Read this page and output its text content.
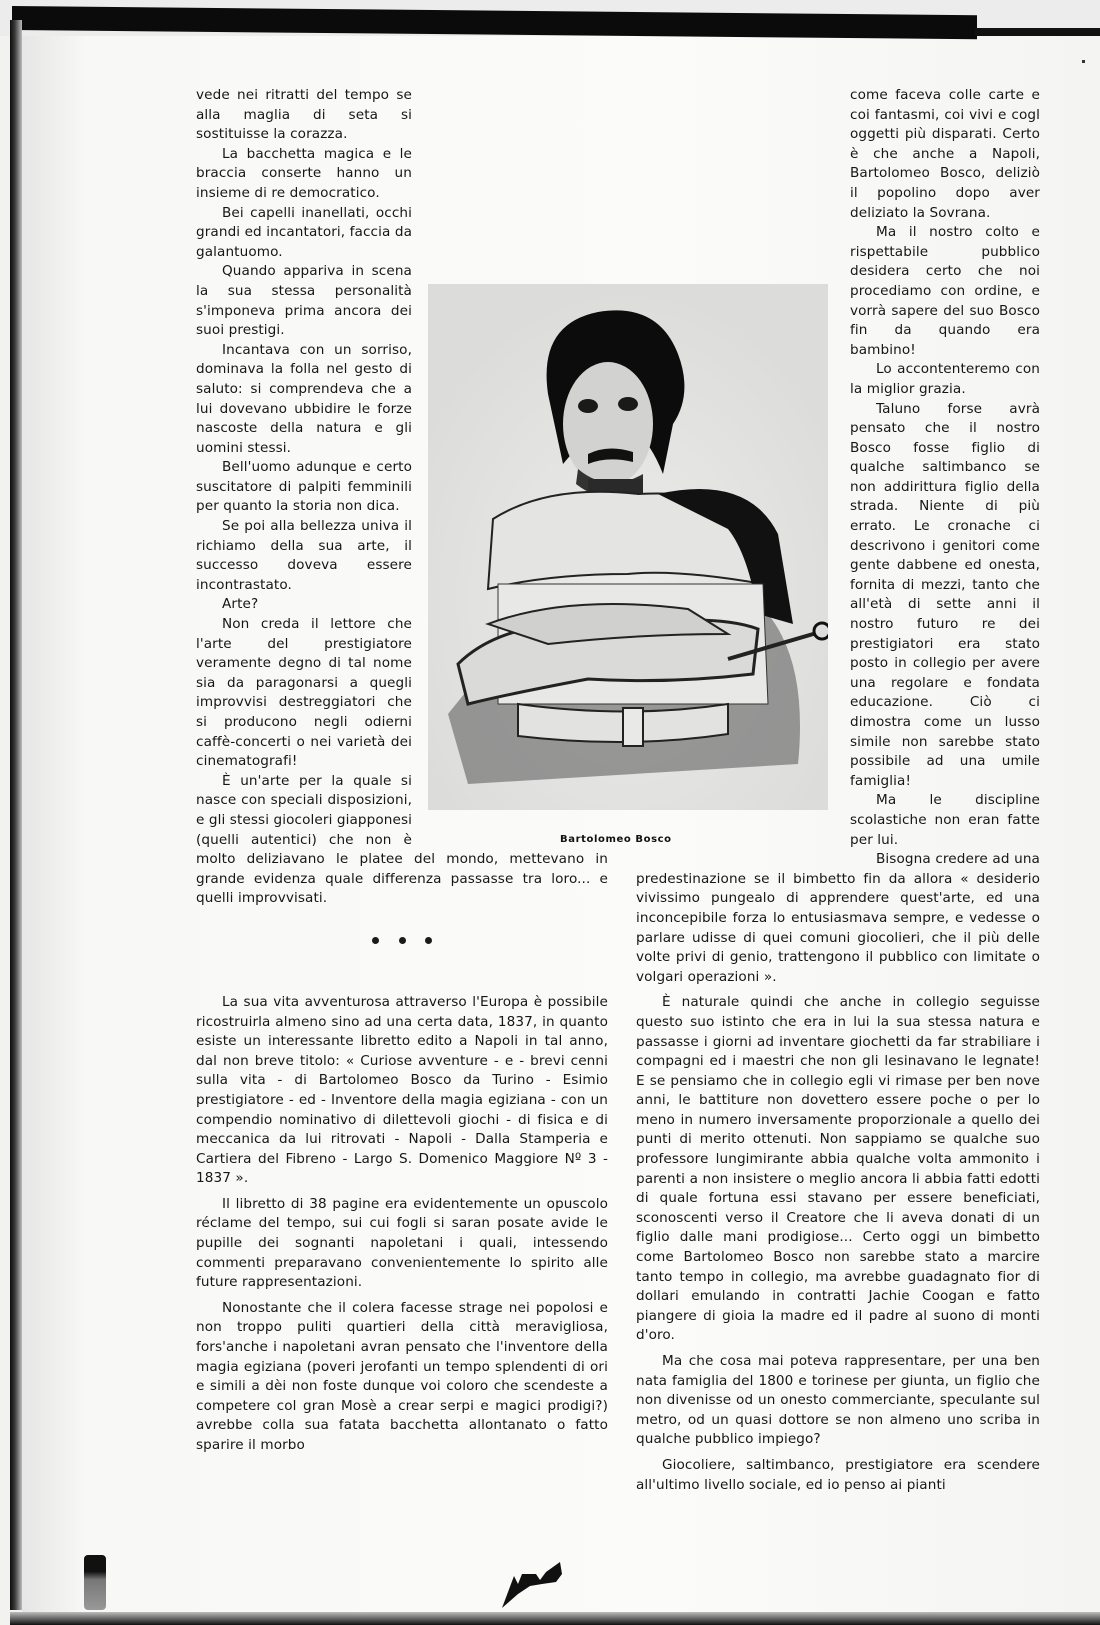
Bartolomeo Bosco

vede nei ritratti del tempo se alla maglia di seta si sostituisse la corazza.

La bacchetta magica e le braccia conserte hanno un insieme di re democratico.

Bei capelli inanellati, occhi grandi ed incantatori, faccia da galantuomo.

Quando appariva in scena la sua stessa personalità s'imponeva prima ancora dei suoi prestigi.

Incantava con un sorriso, dominava la folla nel gesto di saluto: si comprendeva che a lui dovevano ubbidire le forze nascoste della natura e gli uomini stessi.

Bell'uomo adunque e certo suscitatore di palpiti femminili per quanto la storia non dica.

Se poi alla bellezza univa il richiamo della sua arte, il successo doveva essere incontrastato.

Arte?

Non creda il lettore che l'arte del prestigiatore veramente degno di tal nome sia da paragonarsi a quegli improvvisi destreggiatori che si producono negli odierni caffè-concerti o nei varietà dei cinematografi!

È un'arte per la quale si nasce con speciali disposizioni, e gli stessi giocoleri giapponesi (quelli autentici) che non è molto deliziavano le platee del mondo, mettevano in grande evidenza quale differenza passasse tra loro... e quelli improvvisati.

La sua vita avventurosa attraverso l'Europa è possibile ricostruirla almeno sino ad una certa data, 1837, in quanto esiste un interessante libretto edito a Napoli in tal anno, dal non breve titolo: « Curiose avventure - e - brevi cenni sulla vita - di Bartolomeo Bosco da Turino - Esimio prestigiatore - ed - Inventore della magia egiziana - con un compendio nominativo di dilettevoli giochi - di fisica e di meccanica da lui ritrovati - Napoli - Dalla Stamperia e Cartiera del Fibreno - Largo S. Domenico Maggiore Nº 3 - 1837 ».

Il libretto di 38 pagine era evidentemente un opuscolo réclame del tempo, sui cui fogli si saran posate avide le pupille dei sognanti napoletani i quali, intessendo commenti preparavano convenientemente lo spirito alle future rappresentazioni.

Nonostante che il colera facesse strage nei popolosi e non troppo puliti quartieri della città meravigliosa, fors'anche i napoletani avran pensato che l'inventore della magia egiziana (poveri jerofanti un tempo splendenti di ori e simili a dèi non foste dunque voi coloro che scendeste a competere col gran Mosè a crear serpi e magici prodigi?) avrebbe colla sua fatata bacchetta allontanato o fatto sparire il morbo

come faceva colle carte e coi fantasmi, coi vivi e cogl oggetti più disparati. Certo è che anche a Napoli, Bartolomeo Bosco, deliziò il popolino dopo aver deliziato la Sovrana.

Ma il nostro colto e rispettabile pubblico desidera certo che noi procediamo con ordine, e vorrà sapere del suo Bosco fin da quando era bambino!

Lo accontenteremo con la miglior grazia.

Taluno forse avrà pensato che il nostro Bosco fosse figlio di qualche saltimbanco se non addirittura figlio della strada. Niente di più errato. Le cronache ci descrivono i genitori come gente dabbene ed onesta, fornita di mezzi, tanto che all'età di sette anni il nostro futuro re dei prestigiatori era stato posto in collegio per avere una regolare e fondata educazione. Ciò ci dimostra come un lusso simile non sarebbe stato possibile ad una umile famiglia!

Ma le discipline scolastiche non eran fatte per lui.

Bisogna credere ad una predestinazione se il bimbetto fin da allora « desiderio vivissimo pungealo di apprendere quest'arte, ed una inconcepibile forza lo entusiasmava sempre, e vedesse o parlare udisse di quei comuni giocolieri, che il più delle volte privi di genio, trattengono il pubblico con limitate o volgari operazioni ».

È naturale quindi che anche in collegio seguisse questo suo istinto che era in lui la sua stessa natura e passasse i giorni ad inventare giochetti da far strabiliare i compagni ed i maestri che non gli lesinavano le legnate! E se pensiamo che in collegio egli vi rimase per ben nove anni, le battiture non dovettero essere poche o per lo meno in numero inversamente proporzionale a quello dei punti di merito ottenuti. Non sappiamo se qualche suo professore lungimirante abbia qualche volta ammonito i parenti a non insistere o meglio ancora li abbia fatti edotti di quale fortuna essi stavano per essere beneficiati, sconoscenti verso il Creatore che li aveva donati di un figlio dalle mani prodigiose... Certo oggi un bimbetto come Bartolomeo Bosco non sarebbe stato a marcire tanto tempo in collegio, ma avrebbe guadagnato fior di dollari emulando in contratti Jachie Coogan e fatto piangere di gioia la madre ed il padre al suono di monti d'oro.

Ma che cosa mai poteva rappresentare, per una ben nata famiglia del 1800 e torinese per giunta, un figlio che non divenisse od un onesto commerciante, speculante sul metro, od un quasi dottore se non almeno uno scriba in qualche pubblico impiego?

Giocoliere, saltimbanco, prestigiatore era scendere all'ultimo livello sociale, ed io penso ai pianti
